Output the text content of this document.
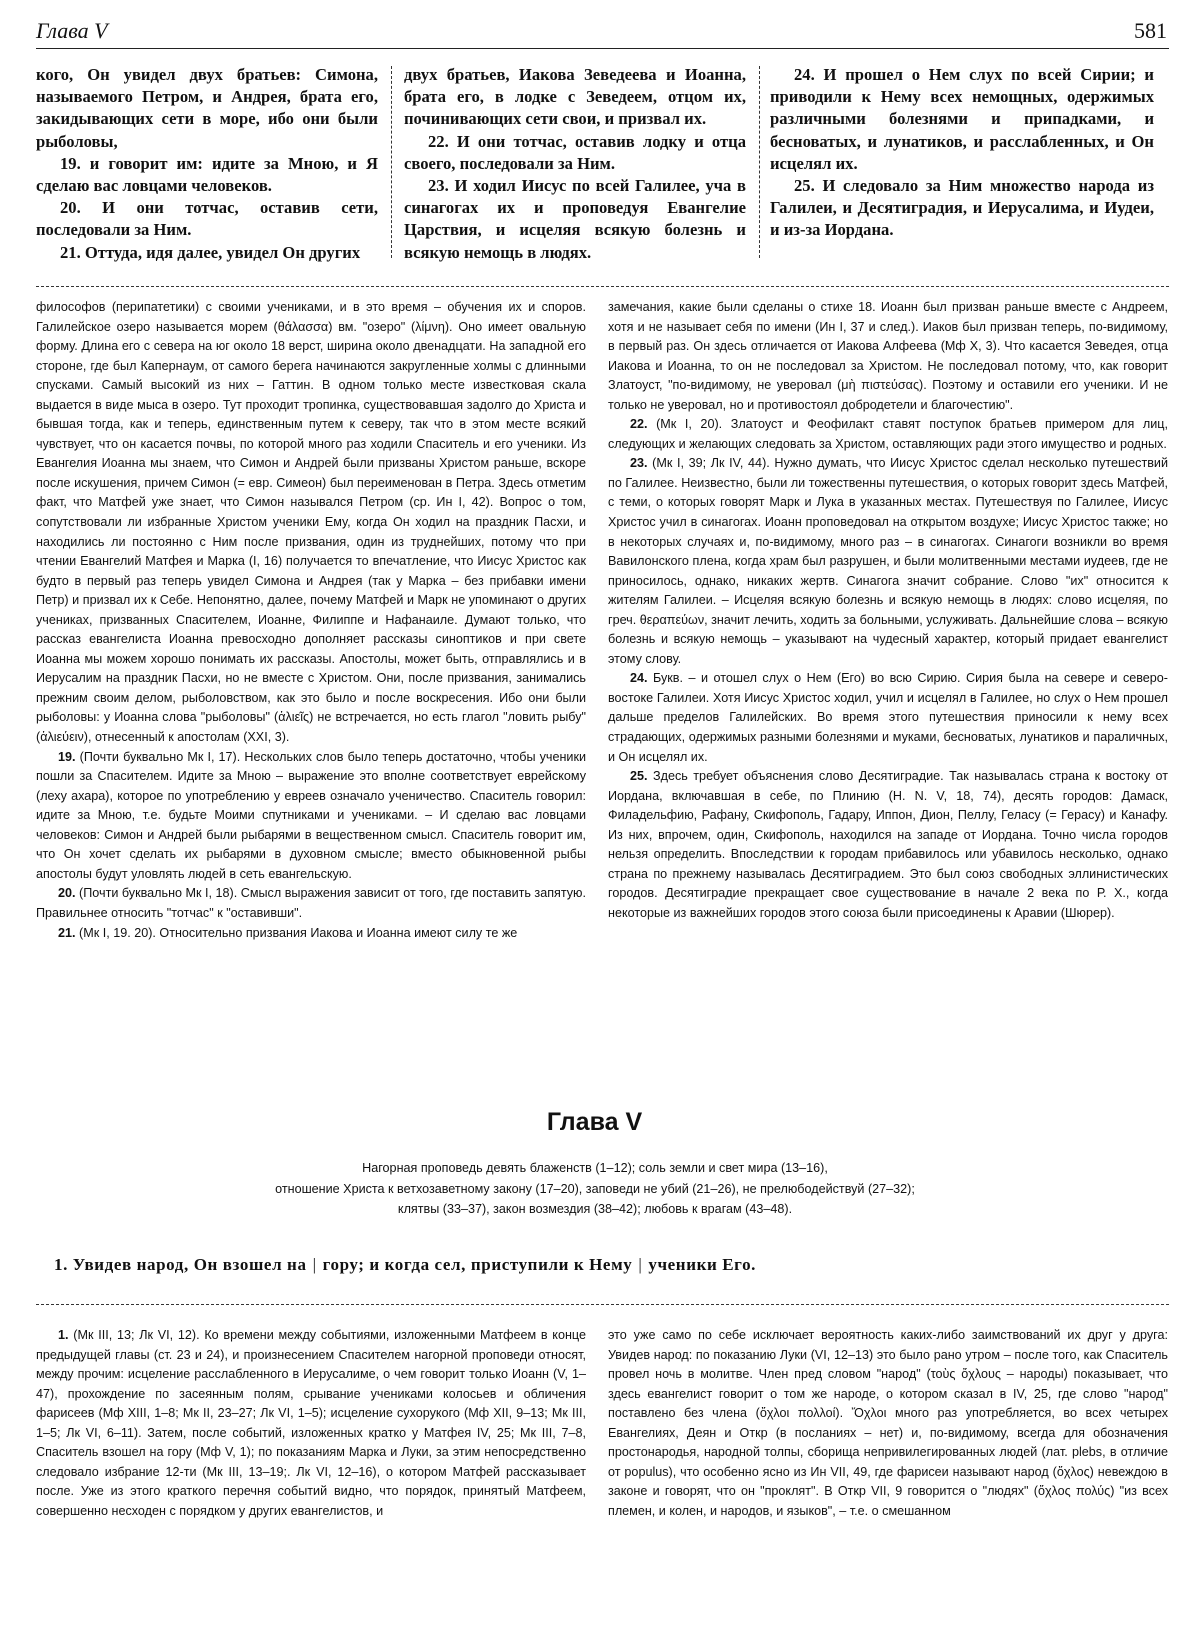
Глава V	581

кого, Он увидел двух братьев: Симона, называемого Петром, и Андрея, брата его, закидывающих сети в море, ибо они были рыболовы,

19. и говорит им: идите за Мною, и Я сделаю вас ловцами человеков.

20. И они тотчас, оставив сети, последовали за Ним.

21. Оттуда, идя далее, увидел Он других

двух братьев, Иакова Зеведеева и Иоанна, брата его, в лодке с Зеведеем, отцом их, починивающих сети свои, и призвал их.

22. И они тотчас, оставив лодку и отца своего, последовали за Ним.

23. И ходил Иисус по всей Галилее, уча в синагогах их и проповедуя Евангелие Царствия, и исцеляя всякую болезнь и всякую немощь в людях.

24. И прошел о Нем слух по всей Сирии; и приводили к Нему всех немощных, одержимых различными болезнями и припадками, и бесноватых, и лунатиков, и расслабленных, и Он исцелял их.

25. И следовало за Ним множество народа из Галилеи, и Десятиградия, и Иерусалима, и Иудеи, и из-за Иордана.

философов (перипатетики) с своими учениками, и в это время – обучения их и споров. Галилейское озеро называется морем (θάλασσα) вм. "озеро" (λίμνη). Оно имеет овальную форму. Длина его с севера на юг около 18 верст, ширина около двенадцати. На западной его стороне, где был Капернаум, от самого берега начинаются закругленные холмы с длинными спусками. Самый высокий из них – Гаттин. В одном только месте известковая скала выдается в виде мыса в озеро. Тут проходит тропинка, существовавшая задолго до Христа и бывшая тогда, как и теперь, единственным путем к северу, так что в этом месте всякий чувствует, что он касается почвы, по которой много раз ходили Спаситель и его ученики. Из Евангелия Иоанна мы знаем, что Симон и Андрей были призваны Христом раньше, вскоре после искушения, причем Симон (= евр. Симеон) был переименован в Петра. Здесь отметим факт, что Матфей уже знает, что Симон назывался Петром (ср. Ин I, 42). Вопрос о том, сопутствовали ли избранные Христом ученики Ему, когда Он ходил на праздник Пасхи, и находились ли постоянно с Ним после призвания, один из труднейших, потому что при чтении Евангелий Матфея и Марка (I, 16) получается то впечатление, что Иисус Христос как будто в первый раз теперь увидел Симона и Андрея (так у Марка – без прибавки имени Петр) и призвал их к Себе. Непонятно, далее, почему Матфей и Марк не упоминают о других учениках, призванных Спасителем, Иоанне, Филиппе и Нафанаиле. Думают только, что рассказ евангелиста Иоанна превосходно дополняет рассказы синоптиков и при свете Иоанна мы можем хорошо понимать их рассказы. Апостолы, может быть, отправлялись и в Иерусалим на праздник Пасхи, но не вместе с Христом. Они, после призвания, занимались прежним своим делом, рыболовством, как это было и после воскресения. Ибо они были рыболовы: у Иоанна слова "рыболовы" (ἁλιεῖς) не встречается, но есть глагол "ловить рыбу" (ἁλιεύειν), отнесенный к апостолам (XXI, 3).

19. (Почти буквально Мк I, 17). Нескольких слов было теперь достаточно, чтобы ученики пошли за Спасителем. Идите за Мною – выражение это вполне соответствует еврейскому (леху ахара), которое по употреблению у евреев означало ученичество. Спаситель говорил: идите за Мною, т.е. будьте Моими спутниками и учениками. – И сделаю вас ловцами человеков: Симон и Андрей были рыбарями в вещественном смысл. Спаситель говорит им, что Он хочет сделать их рыбарями в духовном смысле; вместо обыкновенной рыбы апостолы будут уловлять людей в сеть евангельскую.

20. (Почти буквально Мк I, 18). Смысл выражения зависит от того, где поставить запятую. Правильнее относить "тотчас" к "оставивши".

21. (Мк I, 19. 20). Относительно призвания Иакова и Иоанна имеют силу те же

замечания, какие были сделаны о стихе 18. Иоанн был призван раньше вместе с Андреем, хотя и не называет себя по имени (Ин I, 37 и след.). Иаков был призван теперь, по-видимому, в первый раз. Он здесь отличается от Иакова Алфеева (Мф X, 3). Что касается Зеведея, отца Иакова и Иоанна, то он не последовал за Христом. Не последовал потому, что, как говорит Златоуст, "по-видимому, не уверовал (μὴ πιστεύσας). Поэтому и оставили его ученики. И не только не уверовал, но и противостоял добродетели и благочестию".

22. (Мк I, 20). Златоуст и Феофилакт ставят поступок братьев примером для лиц, следующих и желающих следовать за Христом, оставляющих ради этого имущество и родных.

23. (Мк I, 39; Лк IV, 44). Нужно думать, что Иисус Христос сделал несколько путешествий по Галилее. Неизвестно, были ли тожественны путешествия, о которых говорит здесь Матфей, с теми, о которых говорят Марк и Лука в указанных местах. Путешествуя по Галилее, Иисус Христос учил в синагогах. Иоанн проповедовал на открытом воздухе; Иисус Христос также; но в некоторых случаях и, по-видимому, много раз – в синагогах. Синагоги возникли во время Вавилонского плена, когда храм был разрушен, и были молитвенными местами иудеев, где не приносилось, однако, никаких жертв. Синагога значит собрание. Слово "их" относится к жителям Галилеи. – Исцеляя всякую болезнь и всякую немощь в людях: слово исцеляя, по греч. θεραπεύων, значит лечить, ходить за больными, услуживать. Дальнейшие слова – всякую болезнь и всякую немощь – указывают на чудесный характер, который придает евангелист этому слову.

24. Букв. – и отошел слух о Нем (Его) во всю Сирию. Сирия была на севере и северо-востоке Галилеи. Хотя Иисус Христос ходил, учил и исцелял в Галилее, но слух о Нем прошел дальше пределов Галилейских. Во время этого путешествия приносили к нему всех страдающих, одержимых разными болезнями и муками, бесноватых, лунатиков и параличных, и Он исцелял их.

25. Здесь требует объяснения слово Десятиградие. Так называлась страна к востоку от Иордана, включавшая в себе, по Плинию (H. N. V, 18, 74), десять городов: Дамаск, Филадельфию, Рафану, Скифополь, Гадару, Иппон, Дион, Пеллу, Геласу (= Герасу) и Канафу. Из них, впрочем, один, Скифополь, находился на западе от Иордана. Точно числа городов нельзя определить. Впоследствии к городам прибавилось или убавилось несколько, однако страна по прежнему называлась Десятиградием. Это был союз свободных эллинистических городов. Десятиградие прекращает свое существование в начале 2 века по Р. Х., когда некоторые из важнейших городов этого союза были присоединены к Аравии (Шюрер).

Глава V
Нагорная проповедь девять блаженств (1–12); соль земли и свет мира (13–16),
отношение Христа к ветхозаветному закону (17–20), заповеди не убий (21–26), не прелюбодействуй (27–32);
клятвы (33–37), закон возмездия (38–42); любовь к врагам (43–48).
1. Увидев народ, Он взошел на | гору; и когда сел, приступили к Нему | ученики Его.

1. (Мк III, 13; Лк VI, 12). Ко времени между событиями, изложенными Матфеем в конце предыдущей главы (ст. 23 и 24), и произнесением Спасителем нагорной проповеди относят, между прочим: исцеление расслабленного в Иерусалиме, о чем говорит только Иоанн (V, 1–47), прохождение по засеянным полям, срывание учениками колосьев и обличения фарисеев (Мф XIII, 1–8; Мк II, 23–27; Лк VI, 1–5); исцеление сухорукого (Мф XII, 9–13; Мк III, 1–5; Лк VI, 6–11). Затем, после событий, изложенных кратко у Матфея IV, 25; Мк III, 7–8, Спаситель взошел на гору (Мф V, 1); по показаниям Марка и Луки, за этим непосредственно следовало избрание 12-ти (Мк III, 13–19;. Лк VI, 12–16), о котором Матфей рассказывает после. Уже из этого краткого перечня событий видно, что порядок, принятый Матфеем, совершенно несходен с порядком у других евангелистов, и

это уже само по себе исключает вероятность каких-либо заимствований их друг у друга: Увидев народ: по показанию Луки (VI, 12–13) это было рано утром – после того, как Спаситель провел ночь в молитве. Член пред словом "народ" (τοὺς ὄχλους – народы) показывает, что здесь евангелист говорит о том же народе, о котором сказал в IV, 25, где слово "народ" поставлено без члена (ὄχλοι πολλοί). Ὄχλοι много раз употребляется, во всех четырех Евангелиях, Деян и Откр (в посланиях – нет) и, по-видимому, всегда для обозначения простонародья, народной толпы, сборища непривилегированных людей (лат. plebs, в отличие от populus), что особенно ясно из Ин VII, 49, где фарисеи называют народ (ὄχλος) невеждою в законе и говорят, что он "проклят". В Откр VII, 9 говорится о "людях" (ὄχλος πολύς) "из всех племен, и колен, и народов, и языков", – т.е. о смешанном
